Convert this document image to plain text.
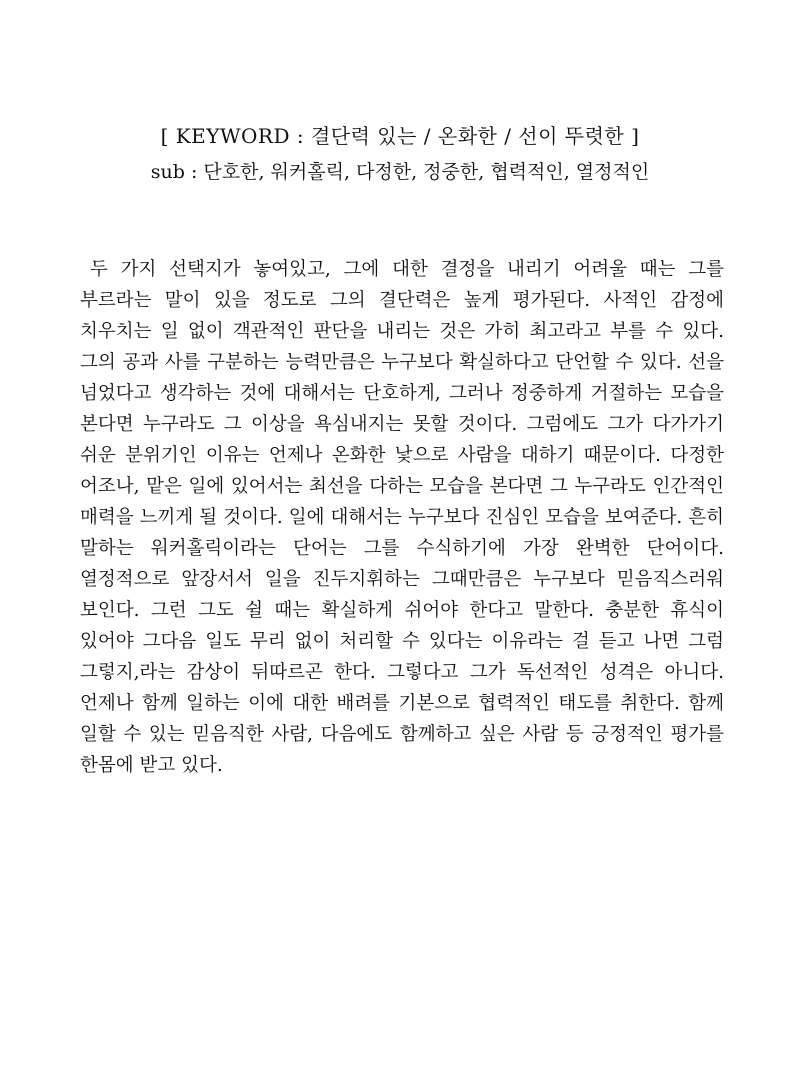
[ KEYWORD : 결단력 있는 / 온화한 / 선이 뚜렷한 ]
sub : 단호한, 워커홀릭, 다정한, 정중한, 협력적인, 열정적인
두 가지 선택지가 놓여있고, 그에 대한 결정을 내리기 어려울 때는 그를 부르라는 말이 있을 정도로 그의 결단력은 높게 평가된다. 사적인 감정에 치우치는 일 없이 객관적인 판단을 내리는 것은 가히 최고라고 부를 수 있다. 그의 공과 사를 구분하는 능력만큼은 누구보다 확실하다고 단언할 수 있다. 선을 넘었다고 생각하는 것에 대해서는 단호하게, 그러나 정중하게 거절하는 모습을 본다면 누구라도 그 이상을 욕심내지는 못할 것이다. 그럼에도 그가 다가가기 쉬운 분위기인 이유는 언제나 온화한 낯으로 사람을 대하기 때문이다. 다정한 어조나, 맡은 일에 있어서는 최선을 다하는 모습을 본다면 그 누구라도 인간적인 매력을 느끼게 될 것이다. 일에 대해서는 누구보다 진심인 모습을 보여준다. 흔히 말하는 워커홀릭이라는 단어는 그를 수식하기에 가장 완벽한 단어이다. 열정적으로 앞장서서 일을 진두지휘하는 그때만큼은 누구보다 믿음직스러워 보인다. 그런 그도 쉴 때는 확실하게 쉬어야 한다고 말한다. 충분한 휴식이 있어야 그다음 일도 무리 없이 처리할 수 있다는 이유라는 걸 듣고 나면 그럼 그렇지,라는 감상이 뒤따르곤 한다. 그렇다고 그가 독선적인 성격은 아니다. 언제나 함께 일하는 이에 대한 배려를 기본으로 협력적인 태도를 취한다. 함께 일할 수 있는 믿음직한 사람, 다음에도 함께하고 싶은 사람 등 긍정적인 평가를 한몸에 받고 있다.
